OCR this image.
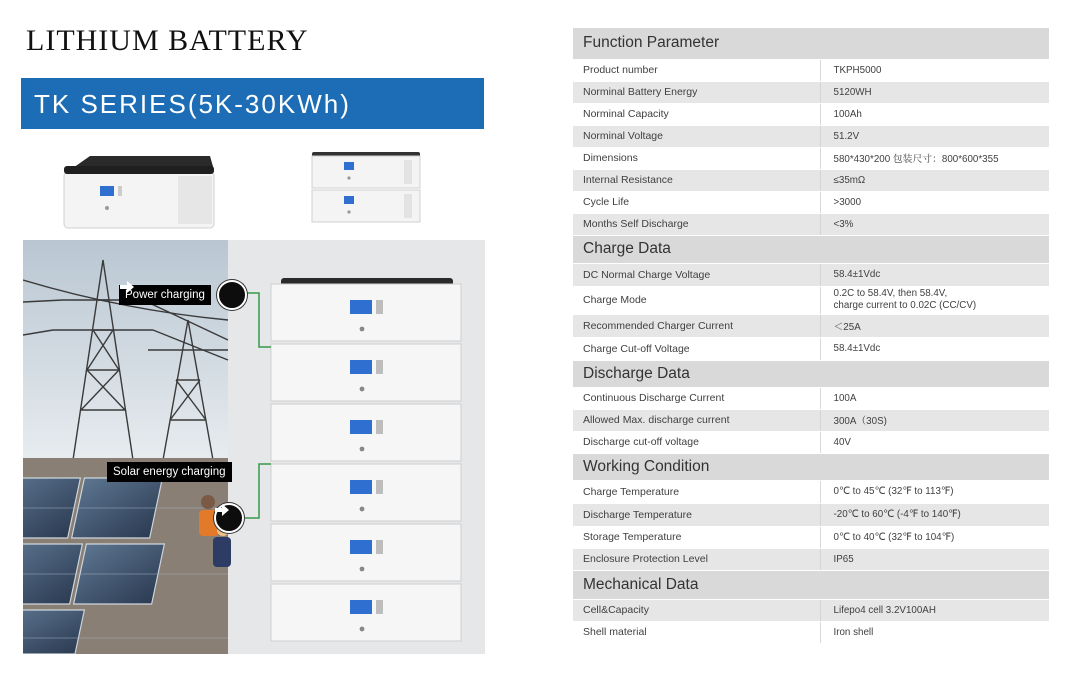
LITHIUM BATTERY
TK SERIES(5K-30KWh)
Power charging
Solar energy charging
Function Parameter	
Product number	TKPH5000
Norminal Battery Energy	5120WH
Norminal Capacity	100Ah
Norminal Voltage	51.2V
Dimensions	580*430*200 包装尺寸：800*600*355
Internal Resistance	≤35mΩ
Cycle Life	>3000
Months Self Discharge	<3%
Charge Data	
DC Normal Charge Voltage	58.4±1Vdc
Charge Mode	0.2C to 58.4V, then 58.4V,
charge current to 0.02C (CC/CV)

Recommended Charger Current	＜25A
Charge Cut-off Voltage	58.4±1Vdc
Discharge Data	
Continuous Discharge Current	100A
Allowed Max. discharge current	300A（30S)
Discharge cut-off voltage	40V
Working Condition	
Charge Temperature	0℃ to 45℃ (32℉ to 113℉)
Discharge Temperature	-20℃ to 60℃ (-4℉ to 140℉)
Storage Temperature	0℃ to 40℃ (32℉ to 104℉)
Enclosure Protection Level	IP65
Mechanical Data	
Cell&Capacity	Lifepo4 cell 3.2V100AH
Shell material	Iron shell
